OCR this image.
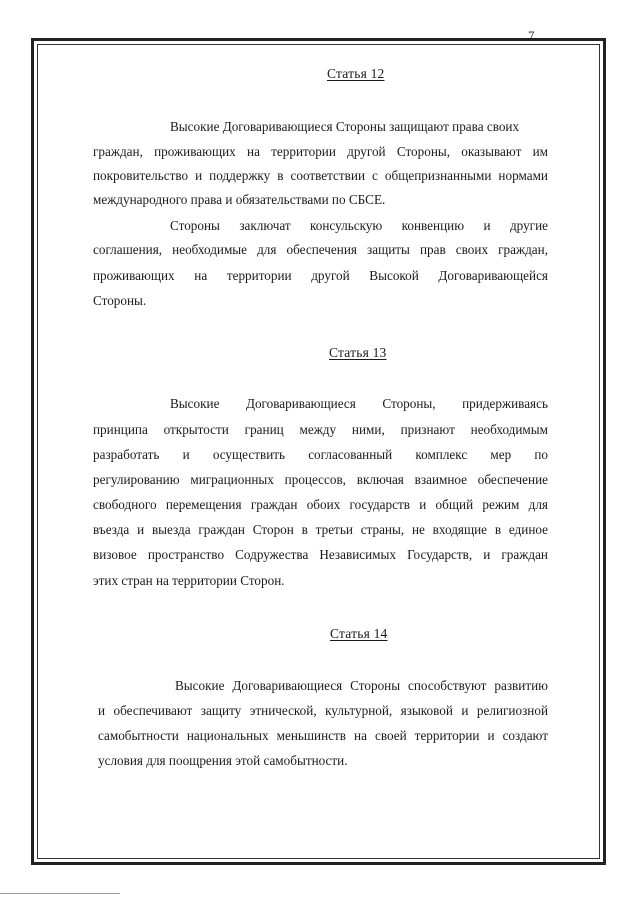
7
Статья 12
Высокие Договаривающиеся Стороны защищают права своих
граждан, проживающих на территории другой Стороны, оказывают им
покровительство и поддержку в соответствии с общепризнанными нормами
международного права и обязательствами по СБСЕ.
Стороны заключат консульскую конвенцию и другие
соглашения, необходимые для обеспечения защиты прав своих граждан,
проживающих на территории другой Высокой Договаривающейся
Стороны.
Статья 13
Высокие Договаривающиеся Стороны, придерживаясь
принципа открытости границ между ними, признают необходимым
разработать и осуществить согласованный комплекс мер по
регулированию миграционных процессов, включая взаимное обеспечение
свободного перемещения граждан обоих государств и общий режим для
въезда и выезда граждан Сторон в третьи страны, не входящие в единое
визовое пространство Содружества Независимых Государств, и граждан
этих стран на территории Сторон.
Статья 14
Высокие Договаривающиеся Стороны способствуют развитию
и обеспечивают защиту этнической, культурной, языковой и религиозной
самобытности национальных меньшинств на своей территории и создают
условия для поощрения этой самобытности.
